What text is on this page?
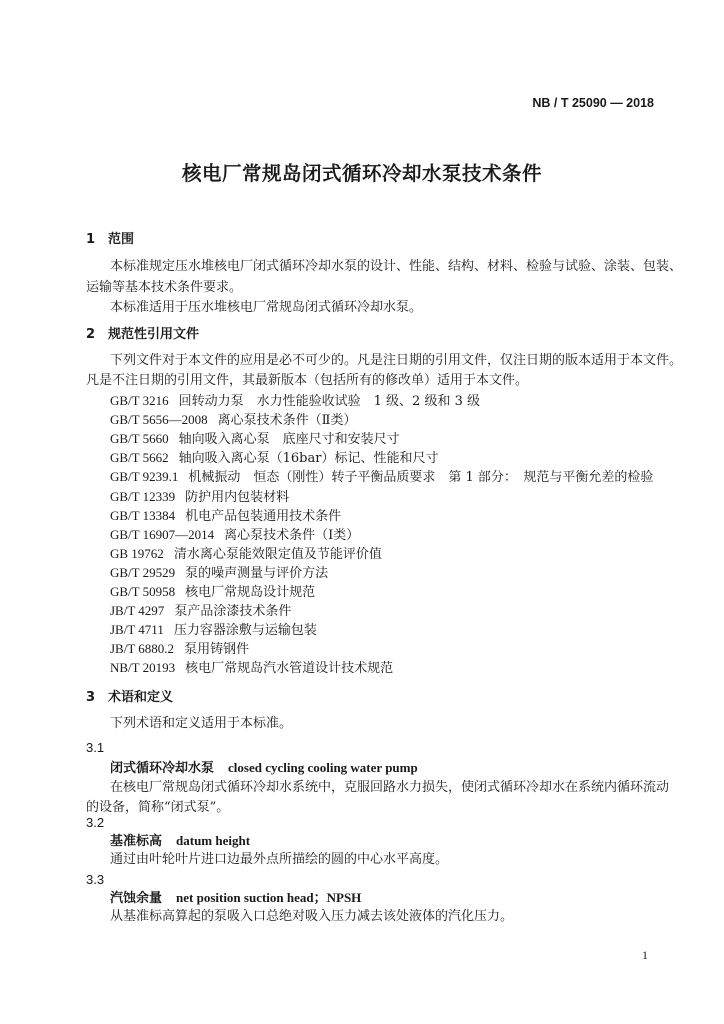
NB / T 25090 — 2018
核电厂常规岛闭式循环冷却水泵技术条件
1 范围
本标准规定压水堆核电厂闭式循环冷却水泵的设计、性能、结构、材料、检验与试验、涂装、包装、
运输等基本技术条件要求。
本标准适用于压水堆核电厂常规岛闭式循环冷却水泵。
2 规范性引用文件
下列文件对于本文件的应用是必不可少的。凡是注日期的引用文件，仅注日期的版本适用于本文件。
凡是不注日期的引用文件，其最新版本（包括所有的修改单）适用于本文件。
GB/T 3216 回转动力泵　水力性能验收试验　1 级、2 级和 3 级
GB/T 5656—2008 离心泵技术条件（Ⅱ类）
GB/T 5660 轴向吸入离心泵　底座尺寸和安装尺寸
GB/T 5662 轴向吸入离心泵（16bar）标记、性能和尺寸
GB/T 9239.1 机械振动　恒态（刚性）转子平衡品质要求　第 1 部分：　规范与平衡允差的检验
GB/T 12339 防护用内包装材料
GB/T 13384 机电产品包装通用技术条件
GB/T 16907—2014 离心泵技术条件（Ⅰ类）
GB 19762 清水离心泵能效限定值及节能评价值
GB/T 29529 泵的噪声测量与评价方法
GB/T 50958 核电厂常规岛设计规范
JB/T 4297 泵产品涂漆技术条件
JB/T 4711 压力容器涂敷与运输包装
JB/T 6880.2 泵用铸钢件
NB/T 20193 核电厂常规岛汽水管道设计技术规范
3 术语和定义
下列术语和定义适用于本标准。
3.1
闭式循环冷却水泵 closed cycling cooling water pump
在核电厂常规岛闭式循环冷却水系统中，克服回路水力损失，使闭式循环冷却水在系统内循环流动
的设备，简称“闭式泵”。
3.2
基准标高 datum height
通过由叶轮叶片进口边最外点所描绘的圆的中心水平高度。
3.3
汽蚀余量 net position suction head；NPSH
从基准标高算起的泵吸入口总绝对吸入压力减去该处液体的汽化压力。
1
